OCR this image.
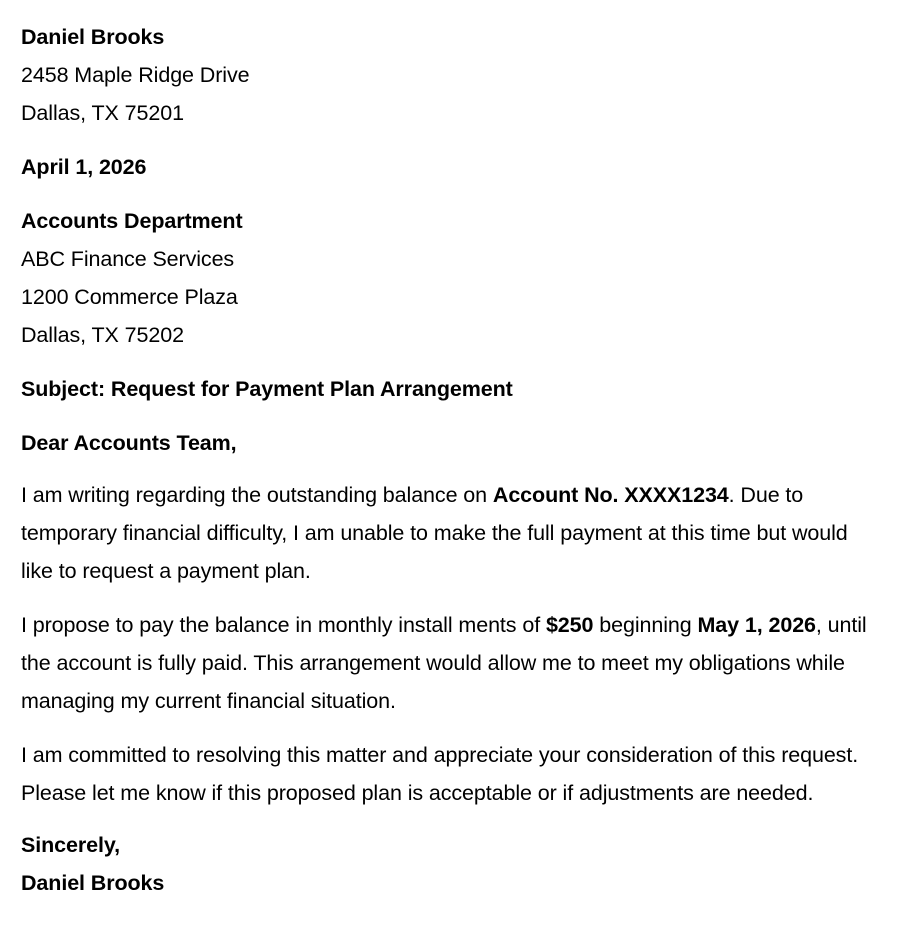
Daniel Brooks
2458 Maple Ridge Drive
Dallas, TX 75201
April 1, 2026
Accounts Department
ABC Finance Services
1200 Commerce Plaza
Dallas, TX 75202
Subject: Request for Payment Plan Arrangement
Dear Accounts Team,

I am writing regarding the outstanding balance on Account No. XXXX1234. Due to temporary financial difficulty, I am unable to make the full payment at this time but would like to request a payment plan.

I propose to pay the balance in monthly install ments of $250 beginning May 1, 2026, until the account is fully paid. This arrangement would allow me to meet my obligations while managing my current financial situation.

I am committed to resolving this matter and appreciate your consideration of this request. Please let me know if this proposed plan is acceptable or if adjustments are needed.

Sincerely,
Daniel Brooks
